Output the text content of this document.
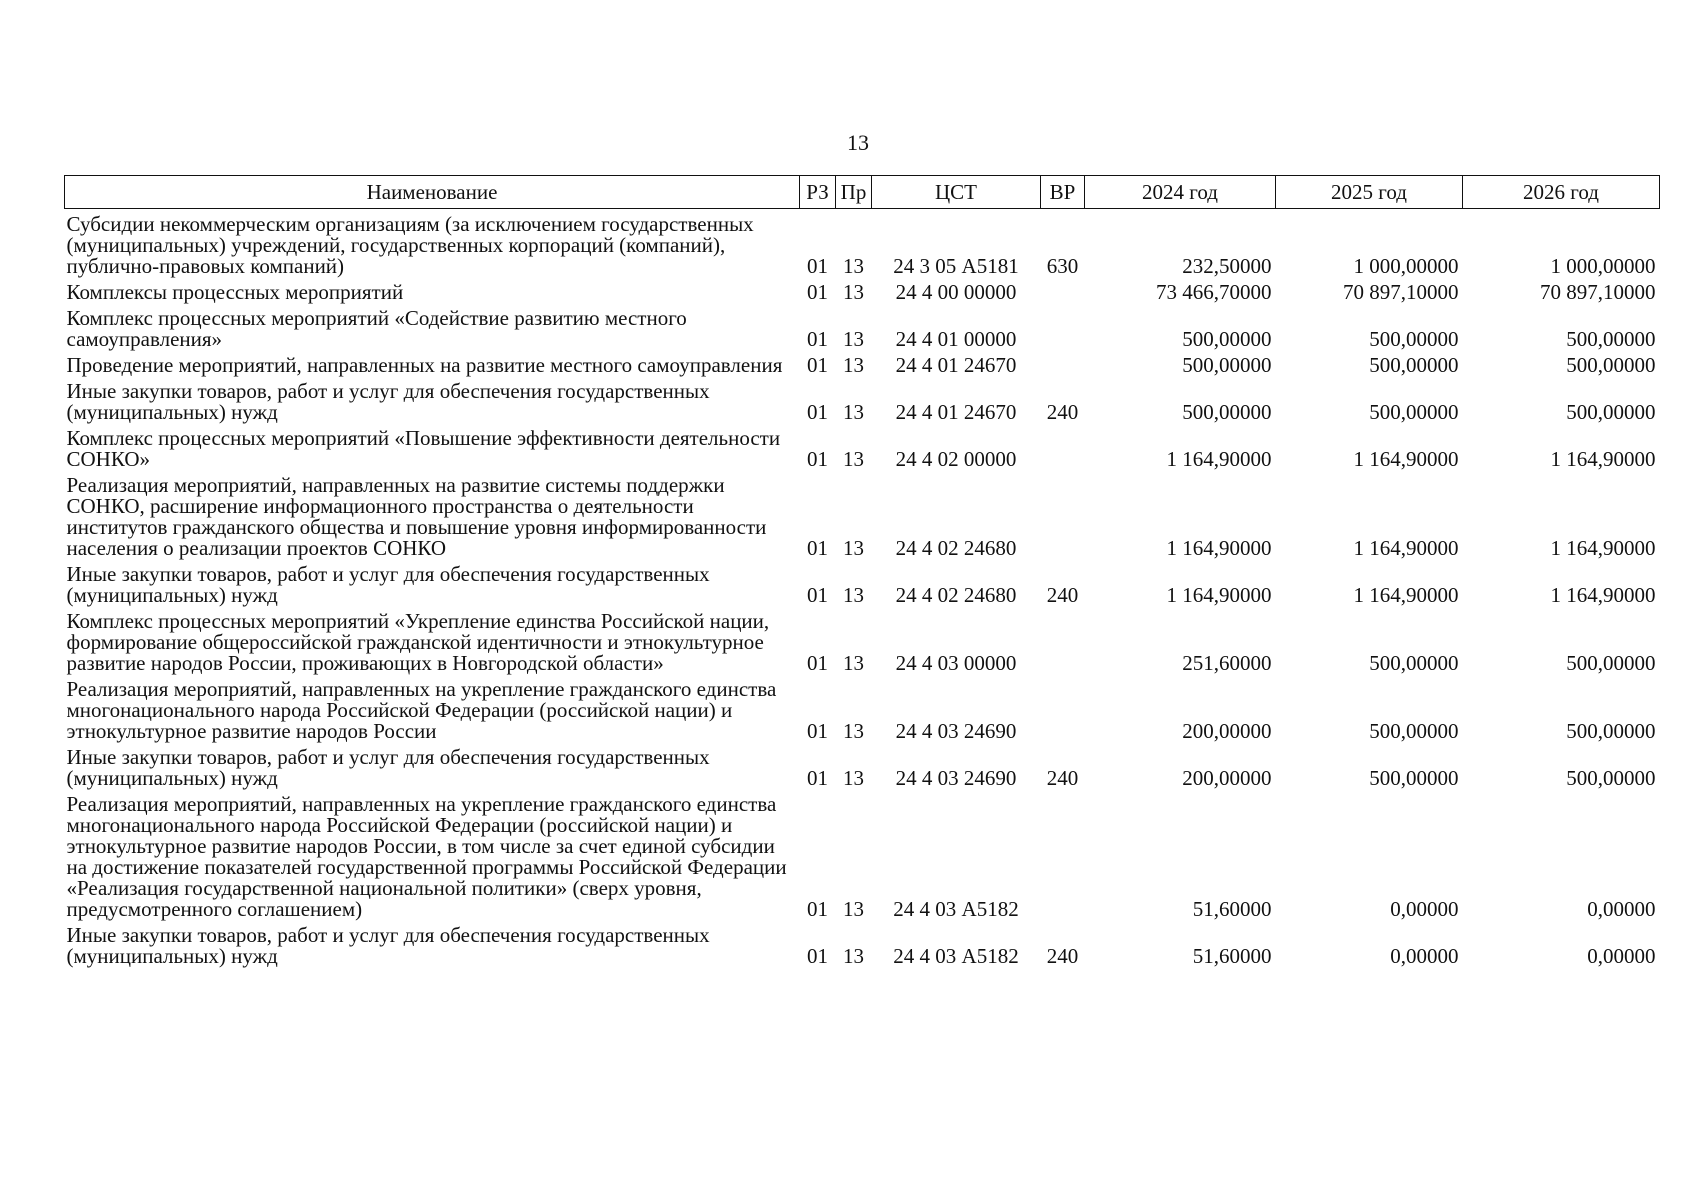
13
Наименование	РЗ	Пр	ЦСТ	ВР	2024 год	2025 год	2026 год
Субсидии некоммерческим организациям (за исключением государственных (муниципальных) учреждений, государственных корпораций (компаний), публично-правовых компаний)	01	13	24 3 05 А5181	630	232,50000	1 000,00000	1 000,00000
Комплексы процессных мероприятий	01	13	24 4 00 00000		73 466,70000	70 897,10000	70 897,10000
Комплекс процессных мероприятий «Содействие развитию местного самоуправления»	01	13	24 4 01 00000		500,00000	500,00000	500,00000
Проведение мероприятий, направленных на развитие местного самоуправления	01	13	24 4 01 24670		500,00000	500,00000	500,00000
Иные закупки товаров, работ и услуг для обеспечения государственных (муниципальных) нужд	01	13	24 4 01 24670	240	500,00000	500,00000	500,00000
Комплекс процессных мероприятий «Повышение эффективности деятельности СОНКО»	01	13	24 4 02 00000		1 164,90000	1 164,90000	1 164,90000
Реализация мероприятий, направленных на развитие системы поддержки СОНКО, расширение информационного пространства о деятельности институтов гражданского общества и повышение уровня информированности населения о реализации проектов СОНКО	01	13	24 4 02 24680		1 164,90000	1 164,90000	1 164,90000
Иные закупки товаров, работ и услуг для обеспечения государственных (муниципальных) нужд	01	13	24 4 02 24680	240	1 164,90000	1 164,90000	1 164,90000
Комплекс процессных мероприятий «Укрепление единства Российской нации, формирование общероссийской гражданской идентичности и этнокультурное развитие народов России, проживающих в Новгородской области»	01	13	24 4 03 00000		251,60000	500,00000	500,00000
Реализация мероприятий, направленных на укрепление гражданского единства многонационального народа Российской Федерации (российской нации) и этнокультурное развитие народов России	01	13	24 4 03 24690		200,00000	500,00000	500,00000
Иные закупки товаров, работ и услуг для обеспечения государственных (муниципальных) нужд	01	13	24 4 03 24690	240	200,00000	500,00000	500,00000
Реализация мероприятий, направленных на укрепление гражданского единства многонационального народа Российской Федерации (российской нации) и этнокультурное развитие народов России, в том числе за счет единой субсидии на достижение показателей государственной программы Российской Федерации «Реализация государственной национальной политики» (сверх уровня, предусмотренного соглашением)	01	13	24 4 03 А5182		51,60000	0,00000	0,00000
Иные закупки товаров, работ и услуг для обеспечения государственных (муниципальных) нужд	01	13	24 4 03 А5182	240	51,60000	0,00000	0,00000
